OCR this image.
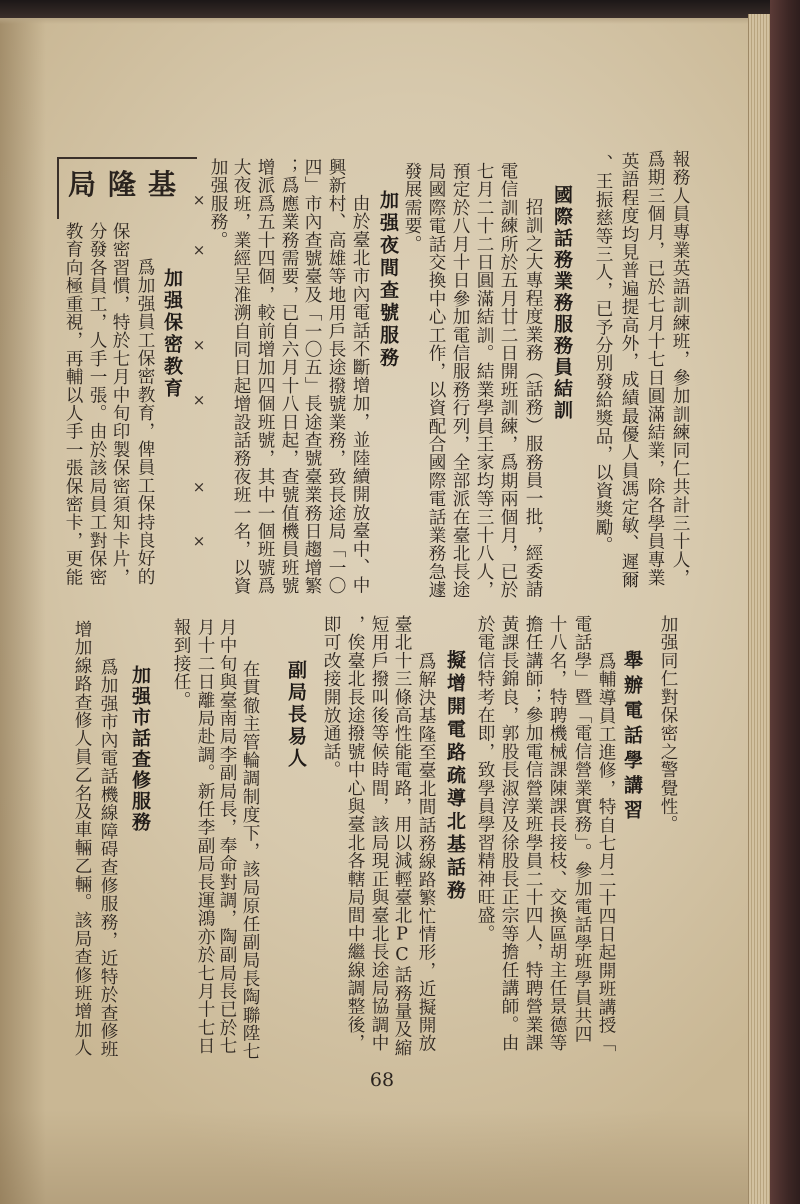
報務人員專業英語訓練班，參加訓練同仁共計三十人，
爲期三個月，已於七月十七日圓滿結業，除各學員專業
英語程度均見普遍提高外，成績最優人員馮定敏、遲爾
、王振慈等三人，已予分別發給獎品，以資獎勵。
國際話務業務服務員結訓
招訓之大專程度業務（話務）服務員一批，經委請
電信訓練所於五月廿二日開班訓練，爲期兩個月，已於
七月二十二日圓滿結訓。結業學員王家均等三十八人，
預定於八月十日參加電信服務行列，全部派在臺北長途
局國際電話交換中心工作，以資配合國際電話業務急遽
發展需要。
加强夜間查號服務
由於臺北市內電話不斷增加，並陸續開放臺中、中
興新村、高雄等地用戶長途撥號業務，致長途局「一〇
四」市內查號臺及「一〇五」長途查號臺業務日趨增繁
；爲應業務需要，已自六月十八日起，查號值機員班號
增派爲五十四個，較前增加四個班號，其中一個班號爲
大夜班，業經呈准溯自同日起增設話務夜班一名，以資
加强服務。
×
×
×
×
×
×
基隆局
加强保密教育
爲加强員工保密教育，俾員工保持良好的
保密習慣，特於七月中旬印製保密須知卡片，
分發各員工，人手一張。由於該局員工對保密
教育向極重視，再輔以人手一張保密卡，更能
加强同仁對保密之警覺性。
舉辦電話學講習
爲輔導員工進修，特自七月二十四日起開班講授「
電話學」暨「電信營業實務」。參加電話學班學員共四
十八名，特聘機械課陳課長接枝、交換區胡主任景德等
擔任講師；參加電信營業班學員二十四人，特聘營業課
黃課長錦良，郭股長淑淳及徐股長正宗等擔任講師。由
於電信特考在即，致學員學習精神旺盛。
擬增開電路疏導北基話務
爲解決基隆至臺北間話務線路繁忙情形，近擬開放
臺北十三條高性能電路，用以減輕臺北PC話務量及縮
短用戶撥叫後等候時間，該局現正與臺北長途局協調中
，俟臺北長途撥號中心與臺北各轄局間中繼線調整後，
即可改接開放通話。
副局長易人
在貫徹主管輪調制度下，該局原任副局長陶聯陞七
月中旬與臺南局李副局長，奉命對調，陶副局長已於七
月十二日離局赴調。新任李副局長運鴻亦於七月十七日
報到接任。
加强市話查修服務
爲加强市內電話機線障碍查修服務，近特於查修班
增加線路查修人員乙名及車輛乙輛。該局查修班增加人
68
